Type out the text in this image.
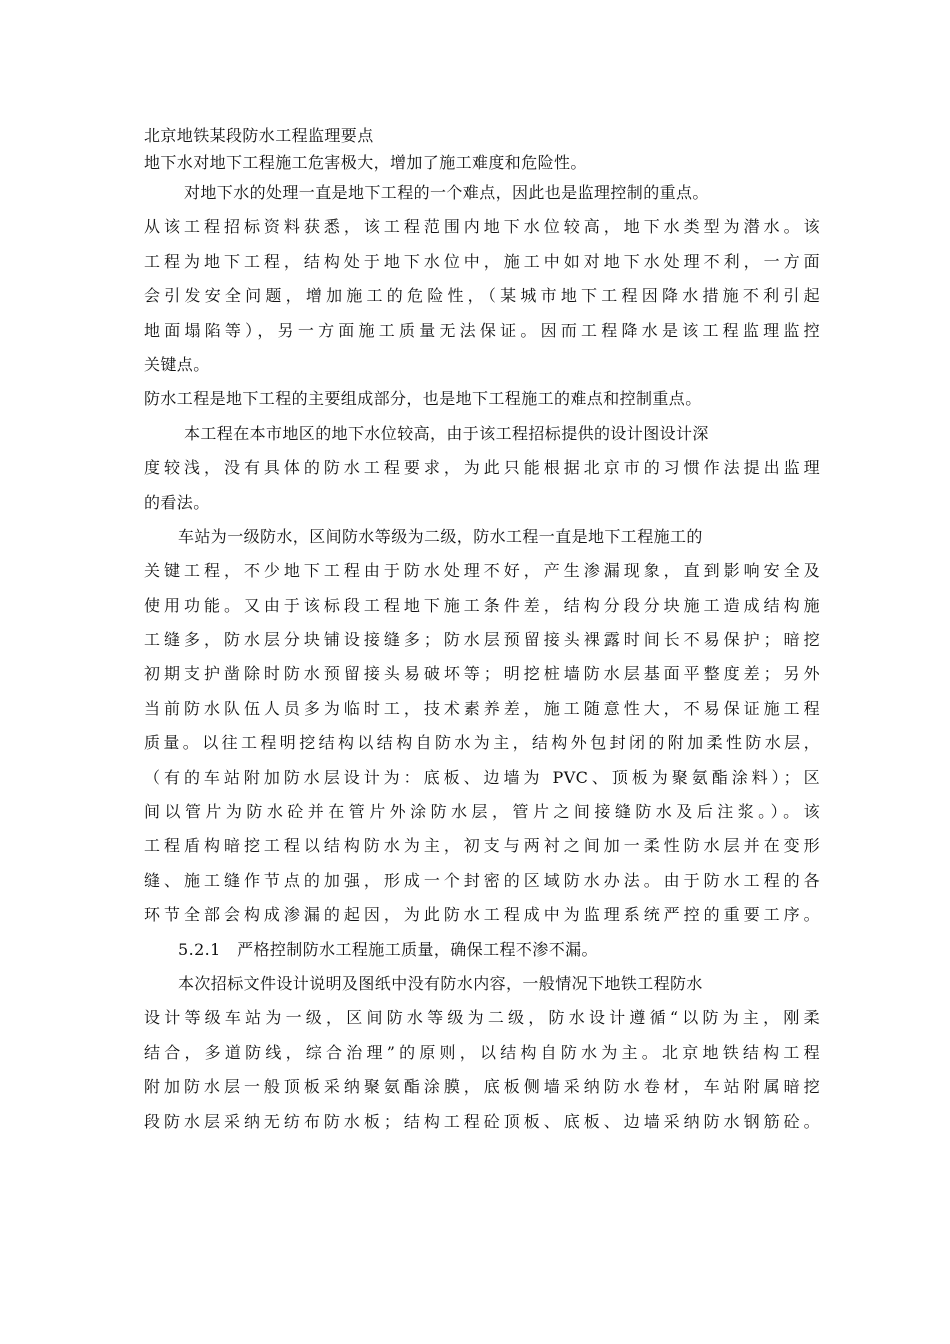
北京地铁某段防水工程监理要点
地下水对地下工程施工危害极大，增加了施工难度和危险性。
对地下水的处理一直是地下工程的一个难点，因此也是监理控制的重点。
从该工程招标资料获悉，该工程范围内地下水位较高，地下水类型为潜水。该
工程为地下工程，结构处于地下水位中，施工中如对地下水处理不利，一方面
会引发安全问题，增加施工的危险性，（某城市地下工程因降水措施不利引起
地面塌陷等），另一方面施工质量无法保证。因而工程降水是该工程监理监控
关键点。
防水工程是地下工程的主要组成部分，也是地下工程施工的难点和控制重点。
本工程在本市地区的地下水位较高，由于该工程招标提供的设计图设计深
度较浅，没有具体的防水工程要求，为此只能根据北京市的习惯作法提出监理
的看法。
车站为一级防水，区间防水等级为二级，防水工程一直是地下工程施工的
关键工程，不少地下工程由于防水处理不好，产生渗漏现象，直到影响安全及
使用功能。又由于该标段工程地下施工条件差，结构分段分块施工造成结构施
工缝多，防水层分块铺设接缝多；防水层预留接头裸露时间长不易保护；暗挖
初期支护凿除时防水预留接头易破坏等；明挖桩墙防水层基面平整度差；另外
当前防水队伍人员多为临时工，技术素养差，施工随意性大，不易保证施工程
质量。以往工程明挖结构以结构自防水为主，结构外包封闭的附加柔性防水层，
（有的车站附加防水层设计为：底板、边墙为 PVC、顶板为聚氨酯涂料）；区
间以管片为防水砼并在管片外涂防水层，管片之间接缝防水及后注浆。）。该
工程盾构暗挖工程以结构防水为主，初支与两衬之间加一柔性防水层并在变形
缝、施工缝作节点的加强，形成一个封密的区域防水办法。由于防水工程的各
环节全部会构成渗漏的起因，为此防水工程成中为监理系统严控的重要工序。
5.2.1　严格控制防水工程施工质量，确保工程不渗不漏。
本次招标文件设计说明及图纸中没有防水内容，一般情况下地铁工程防水
设计等级车站为一级，区间防水等级为二级，防水设计遵循“以防为主，刚柔
结合，多道防线，综合治理”的原则，以结构自防水为主。北京地铁结构工程
附加防水层一般顶板采纳聚氨酯涂膜，底板侧墙采纳防水卷材，车站附属暗挖
段防水层采纳无纺布防水板；结构工程砼顶板、底板、边墙采纳防水钢筋砼。
